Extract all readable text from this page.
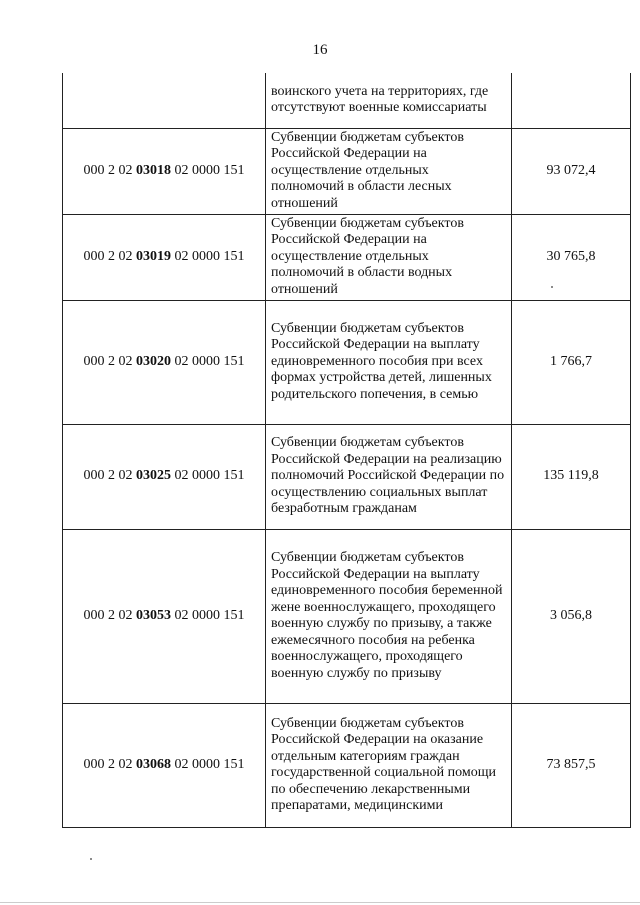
16
	воинского учета на территориях, где отсутствуют военные комиссариаты	
000 2 02 03018 02 0000 151	Субвенции бюджетам субъектов Российской Федерации на осуществление отдельных полномочий в области лесных отношений	93 072,4
000 2 02 03019 02 0000 151	Субвенции бюджетам субъектов Российской Федерации на осуществление отдельных полномочий в области водных отношений	30 765,8
000 2 02 03020 02 0000 151	Субвенции бюджетам субъектов Российской Федерации на выплату единовременного пособия при всех формах устройства детей, лишенных родительского попечения, в семью	1 766,7
000 2 02 03025 02 0000 151	Субвенции бюджетам субъектов Российской Федерации на реализацию полномочий Российской Федерации по осуществлению социальных выплат безработным гражданам	135 119,8
000 2 02 03053 02 0000 151	Субвенции бюджетам субъектов Российской Федерации на выплату единовременного пособия беременной жене военнослужащего, проходящего военную службу по призыву, а также ежемесячного пособия на ребенка военнослужащего, проходящего военную службу по призыву	3 056,8
000 2 02 03068 02 0000 151	Субвенции бюджетам субъектов Российской Федерации на оказание отдельным категориям граждан государственной социальной помощи по обеспечению лекарственными препаратами, медицинскими	73 857,5
